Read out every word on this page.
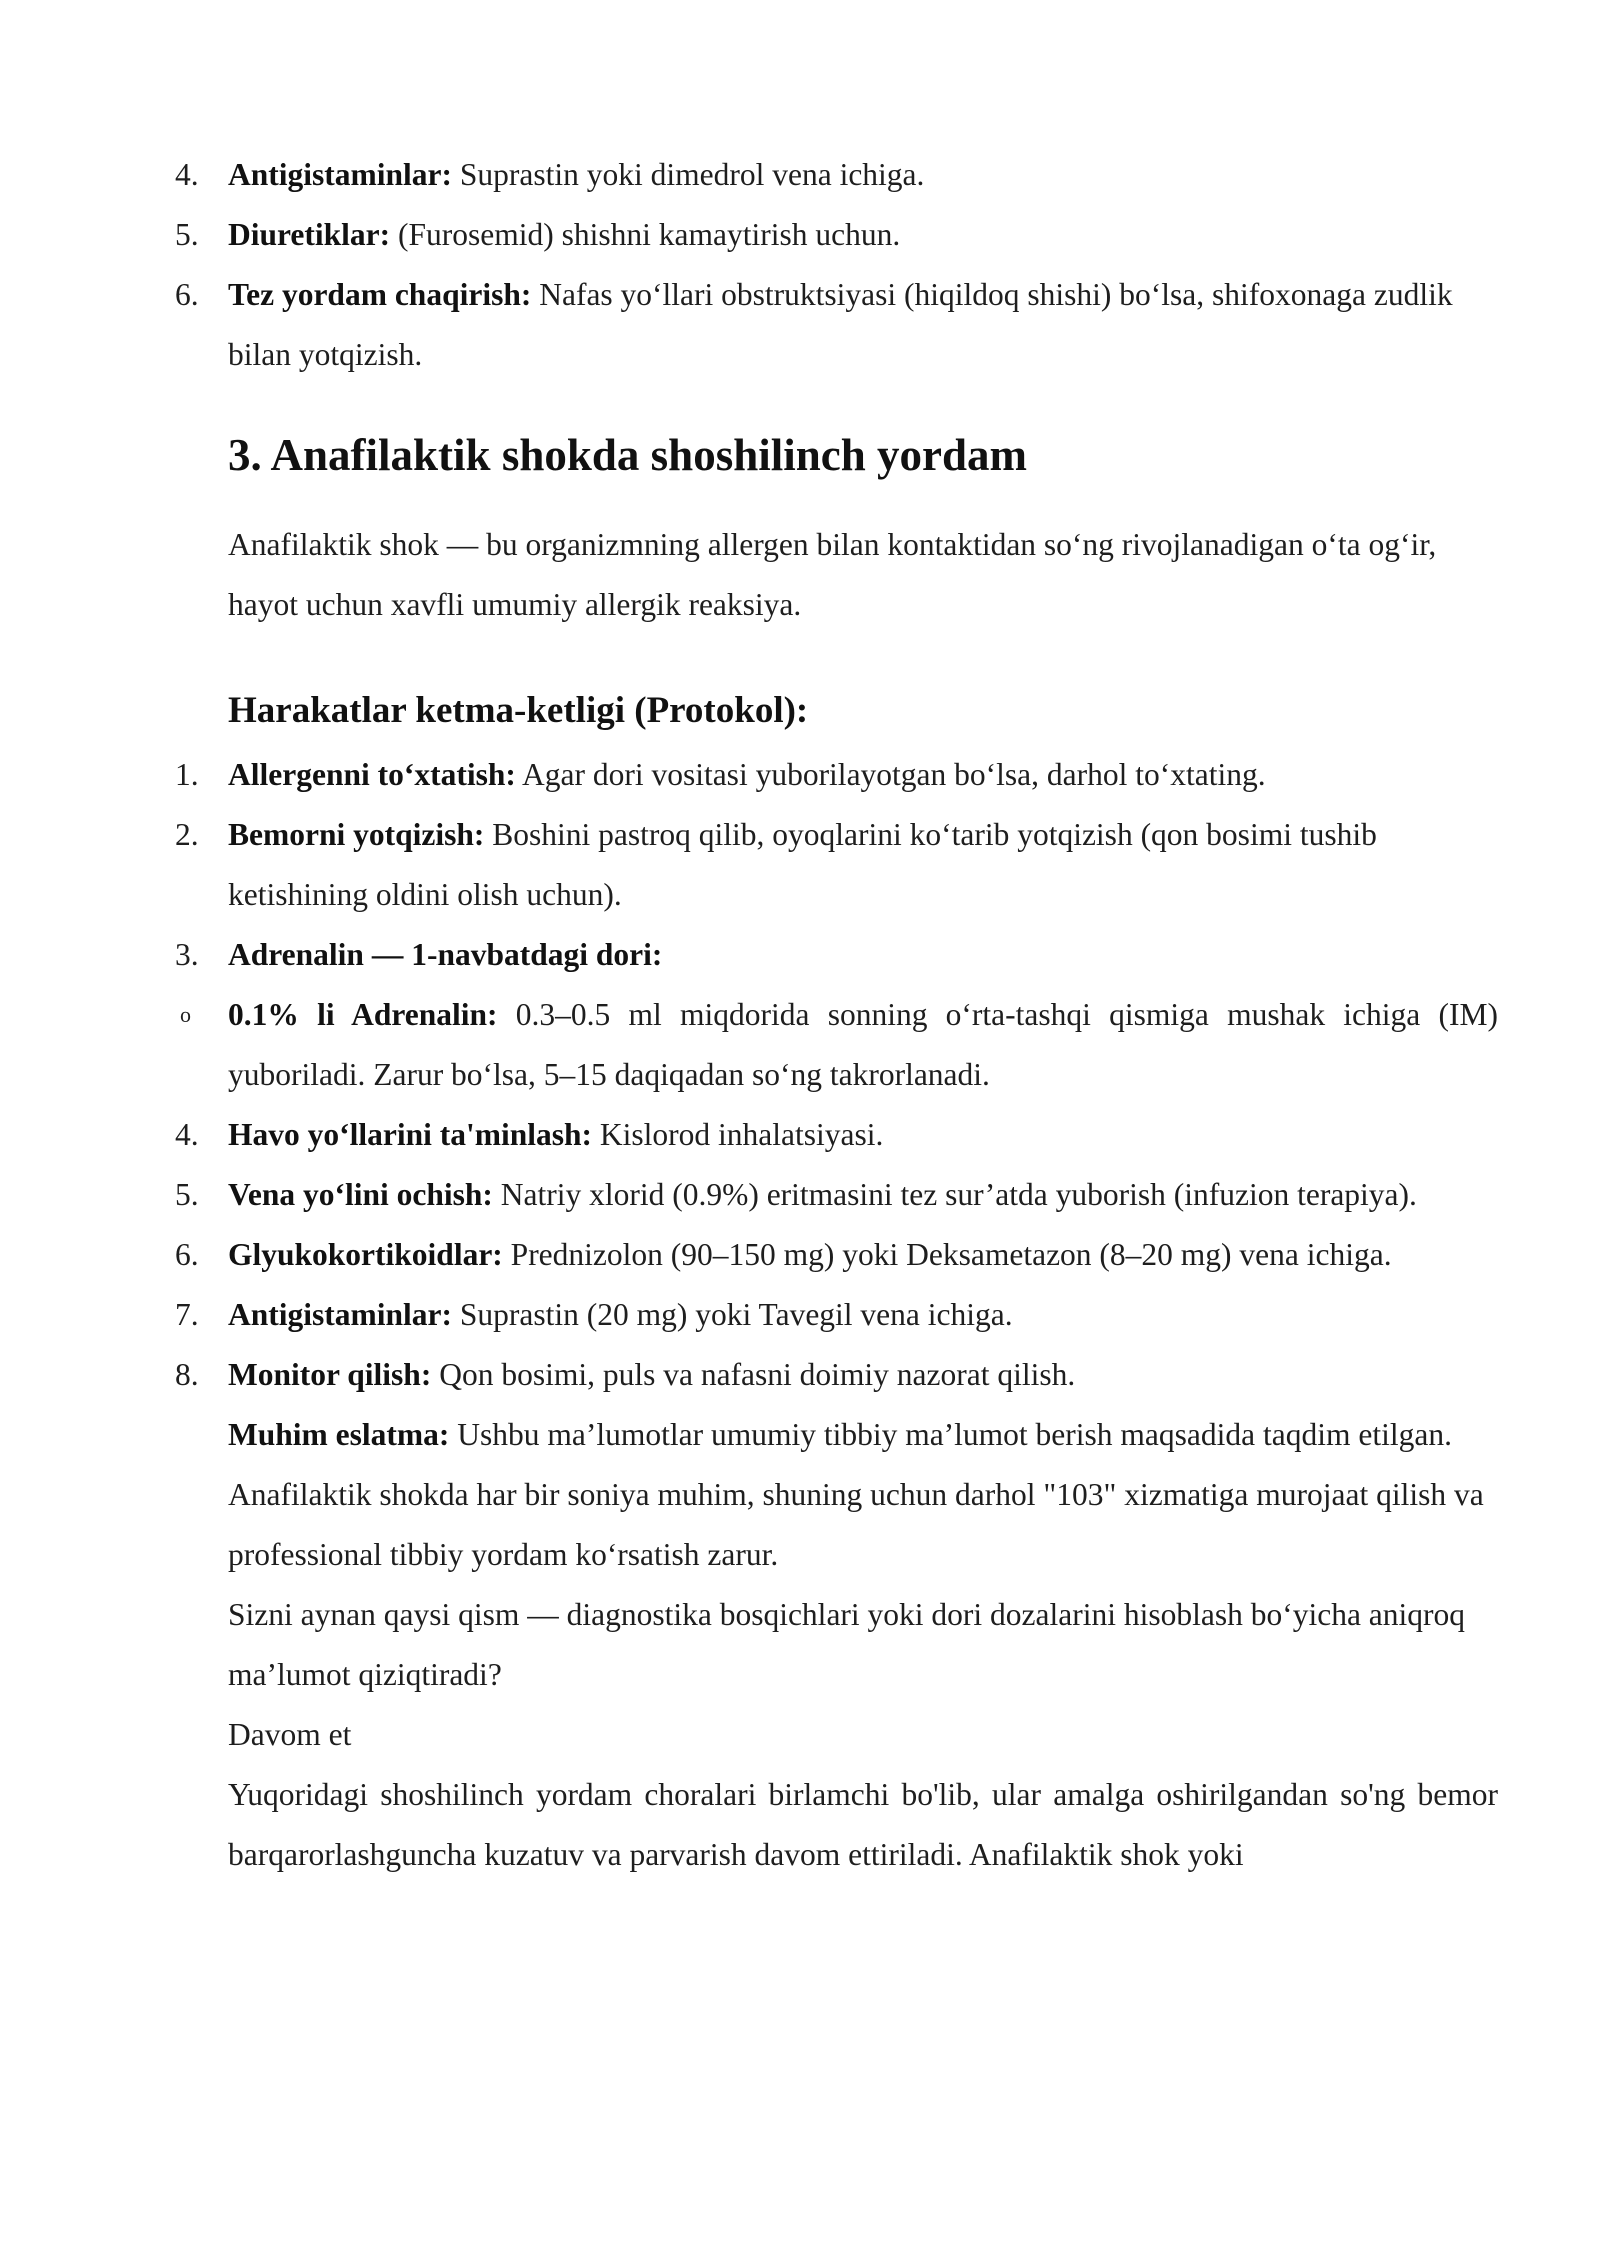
4. Antigistaminlar: Suprastin yoki dimedrol vena ichiga.
5. Diuretiklar: (Furosemid) shishni kamaytirish uchun.
6. Tez yordam chaqirish: Nafas yo‘llari obstruktsiyasi (hiqildoq shishi) bo‘lsa, shifoxonaga zudlik bilan yotqizish.
3. Anafilaktik shokda shoshilinch yordam
Anafilaktik shok — bu organizmning allergen bilan kontaktidan so‘ng rivojlanadigan o‘ta og‘ir, hayot uchun xavfli umumiy allergik reaksiya.
Harakatlar ketma-ketligi (Protokol):
1. Allergenni to‘xtatish: Agar dori vositasi yuborilayotgan bo‘lsa, darhol to‘xtating.
2. Bemorni yotqizish: Boshini pastroq qilib, oyoqlarini ko‘tarib yotqizish (qon bosimi tushib ketishining oldini olish uchun).
3. Adrenalin — 1-navbatdagi dori:
o 0.1% li Adrenalin: 0.3–0.5 ml miqdorida sonning o‘rta-tashqi qismiga mushak ichiga (IM) yuboriladi. Zarur bo‘lsa, 5–15 daqiqadan so‘ng takrorlanadi.
4. Havo yo‘llarini ta'minlash: Kislorod inhalatsiyasi.
5. Vena yo‘lini ochish: Natriy xlorid (0.9%) eritmasini tez sur’atda yuborish (infuzion terapiya).
6. Glyukokortikoidlar: Prednizolon (90–150 mg) yoki Deksametazon (8–20 mg) vena ichiga.
7. Antigistaminlar: Suprastin (20 mg) yoki Tavegil vena ichiga.
8. Monitor qilish: Qon bosimi, puls va nafasni doimiy nazorat qilish.
Muhim eslatma: Ushbu ma’lumotlar umumiy tibbiy ma’lumot berish maqsadida taqdim etilgan. Anafilaktik shokda har bir soniya muhim, shuning uchun darhol "103" xizmatiga murojaat qilish va professional tibbiy yordam ko‘rsatish zarur.
Sizni aynan qaysi qism — diagnostika bosqichlari yoki dori dozalarini hisoblash bo‘yicha aniqroq ma’lumot qiziqtiradi?
Davom et
Yuqoridagi shoshilinch yordam choralari birlamchi bo'lib, ular amalga oshirilgandan so'ng bemor barqarorlashguncha kuzatuv va parvarish davom ettiriladi. Anafilaktik shok yoki
